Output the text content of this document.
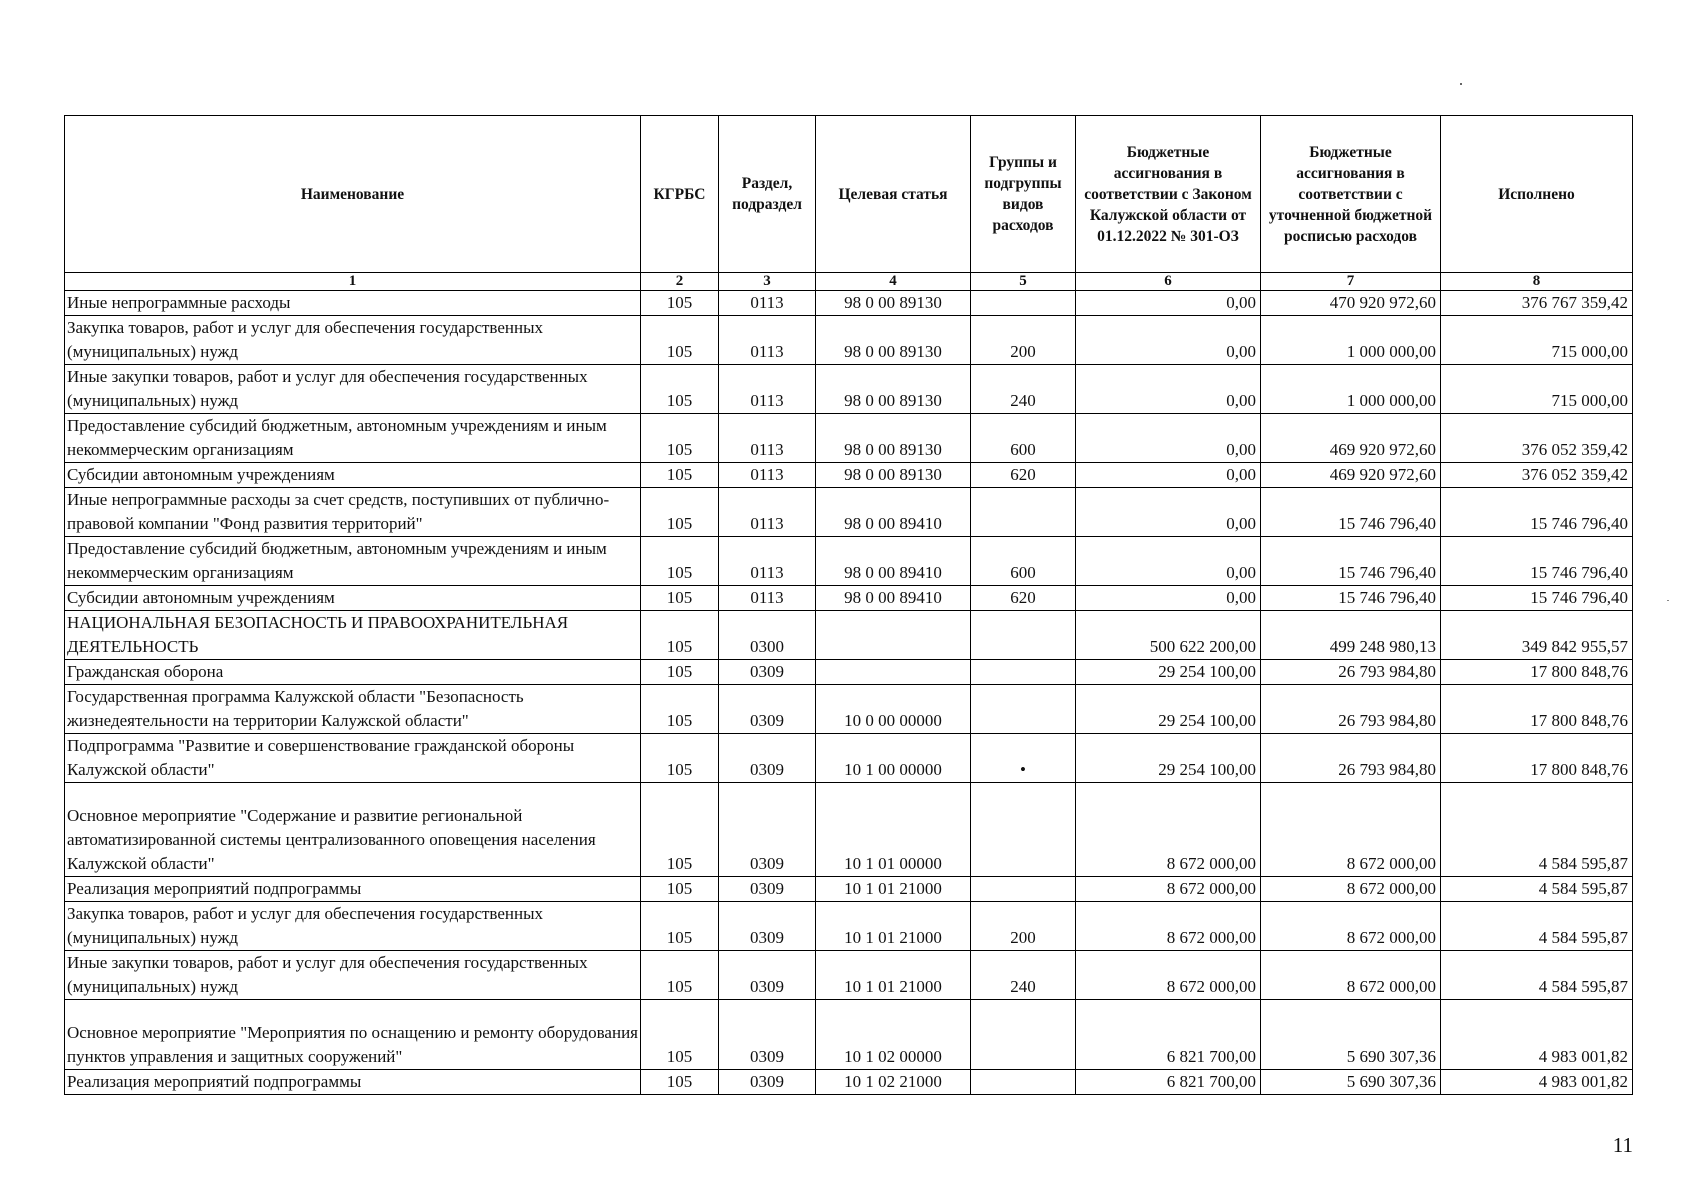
Наименование	КГРБС	Раздел, подраздел	Целевая статья	Группы и подгруппы видов расходов	Бюджетные ассигнования в соответствии с Законом Калужской области от 01.12.2022 № 301-ОЗ	Бюджетные ассигнования в соответствии с уточненной бюджетной росписью расходов	Исполнено
1	2	3	4	5	6	7	8
Иные непрограммные расходы	105	0113	98 0 00 89130		0,00	470 920 972,60	376 767 359,42
Закупка товаров, работ и услуг для обеспечения государственных (муниципальных) нужд	105	0113	98 0 00 89130	200	0,00	1 000 000,00	715 000,00
Иные закупки товаров, работ и услуг для обеспечения государственных (муниципальных) нужд	105	0113	98 0 00 89130	240	0,00	1 000 000,00	715 000,00
Предоставление субсидий бюджетным, автономным учреждениям и иным некоммерческим организациям	105	0113	98 0 00 89130	600	0,00	469 920 972,60	376 052 359,42
Субсидии автономным учреждениям	105	0113	98 0 00 89130	620	0,00	469 920 972,60	376 052 359,42
Иные непрограммные расходы за счет средств, поступивших от публично-правовой компании "Фонд развития территорий"	105	0113	98 0 00 89410		0,00	15 746 796,40	15 746 796,40
Предоставление субсидий бюджетным, автономным учреждениям и иным некоммерческим организациям	105	0113	98 0 00 89410	600	0,00	15 746 796,40	15 746 796,40
Субсидии автономным учреждениям	105	0113	98 0 00 89410	620	0,00	15 746 796,40	15 746 796,40
НАЦИОНАЛЬНАЯ БЕЗОПАСНОСТЬ И ПРАВООХРАНИТЕЛЬНАЯ ДЕЯТЕЛЬНОСТЬ	105	0300			500 622 200,00	499 248 980,13	349 842 955,57
Гражданская оборона	105	0309			29 254 100,00	26 793 984,80	17 800 848,76
Государственная программа Калужской области "Безопасность жизнедеятельности на территории Калужской области"	105	0309	10 0 00 00000		29 254 100,00	26 793 984,80	17 800 848,76
Подпрограмма "Развитие и совершенствование гражданской обороны Калужской области"	105	0309	10 1 00 00000	•	29 254 100,00	26 793 984,80	17 800 848,76
Основное мероприятие "Содержание и развитие региональной автоматизированной системы централизованного оповещения населения Калужской области"	105	0309	10 1 01 00000		8 672 000,00	8 672 000,00	4 584 595,87
Реализация мероприятий подпрограммы	105	0309	10 1 01 21000		8 672 000,00	8 672 000,00	4 584 595,87
Закупка товаров, работ и услуг для обеспечения государственных (муниципальных) нужд	105	0309	10 1 01 21000	200	8 672 000,00	8 672 000,00	4 584 595,87
Иные закупки товаров, работ и услуг для обеспечения государственных (муниципальных) нужд	105	0309	10 1 01 21000	240	8 672 000,00	8 672 000,00	4 584 595,87
Основное мероприятие "Мероприятия по оснащению и ремонту оборудования пунктов управления и защитных сооружений"	105	0309	10 1 02 00000		6 821 700,00	5 690 307,36	4 983 001,82
Реализация мероприятий подпрограммы	105	0309	10 1 02 21000		6 821 700,00	5 690 307,36	4 983 001,82
11
